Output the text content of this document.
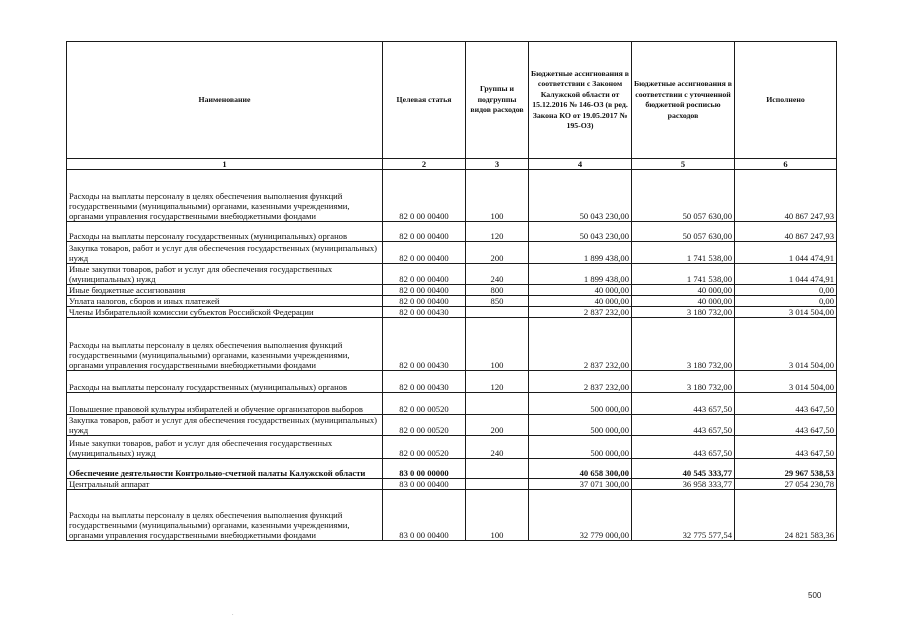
Наименование	Целевая статья	Группы и подгруппы видов расходов	Бюджетные ассигнования в соответствии с Законом Калужской области от 15.12.2016 № 146-ОЗ (в ред. Закона КО от 19.05.2017 № 195-ОЗ)	Бюджетные ассигнования в соответствии с уточненной бюджетной росписью расходов	Исполнено
1	2	3	4	5	6
Расходы на выплаты персоналу в целях обеспечения выполнения функций государственными (муниципальными) органами, казенными учреждениями, органами управления государственными внебюджетными фондами	82 0 00 00400	100	50 043 230,00	50 057 630,00	40 867 247,93
Расходы на выплаты персоналу государственных (муниципальных) органов	82 0 00 00400	120	50 043 230,00	50 057 630,00	40 867 247,93
Закупка товаров, работ и услуг для обеспечения государственных (муниципальных) нужд	82 0 00 00400	200	1 899 438,00	1 741 538,00	1 044 474,91
Иные закупки товаров, работ и услуг для обеспечения государственных (муниципальных) нужд	82 0 00 00400	240	1 899 438,00	1 741 538,00	1 044 474,91
Иные бюджетные ассигнования	82 0 00 00400	800	40 000,00	40 000,00	0,00
Уплата налогов, сборов и иных платежей	82 0 00 00400	850	40 000,00	40 000,00	0,00
Члены Избирательной комиссии субъектов Российской Федерации	82 0 00 00430		2 837 232,00	3 180 732,00	3 014 504,00
Расходы на выплаты персоналу в целях обеспечения выполнения функций государственными (муниципальными) органами, казенными учреждениями, органами управления государственными внебюджетными фондами	82 0 00 00430	100	2 837 232,00	3 180 732,00	3 014 504,00
Расходы на выплаты персоналу государственных (муниципальных) органов	82 0 00 00430	120	2 837 232,00	3 180 732,00	3 014 504,00
Повышение правовой культуры избирателей и обучение организаторов выборов	82 0 00 00520		500 000,00	443 657,50	443 647,50
Закупка товаров, работ и услуг для обеспечения государственных (муниципальных) нужд	82 0 00 00520	200	500 000,00	443 657,50	443 647,50
Иные закупки товаров, работ и услуг для обеспечения государственных (муниципальных) нужд	82 0 00 00520	240	500 000,00	443 657,50	443 647,50
Обеспечение деятельности Контрольно-счетной палаты Калужской области	83 0 00 00000		40 658 300,00	40 545 333,77	29 967 538,53
Центральный аппарат	83 0 00 00400		37 071 300,00	36 958 333,77	27 054 230,78
Расходы на выплаты персоналу в целях обеспечения выполнения функций государственными (муниципальными) органами, казенными учреждениями, органами управления государственными внебюджетными фондами	83 0 00 00400	100	32 779 000,00	32 775 577,54	24 821 583,36
500
.
